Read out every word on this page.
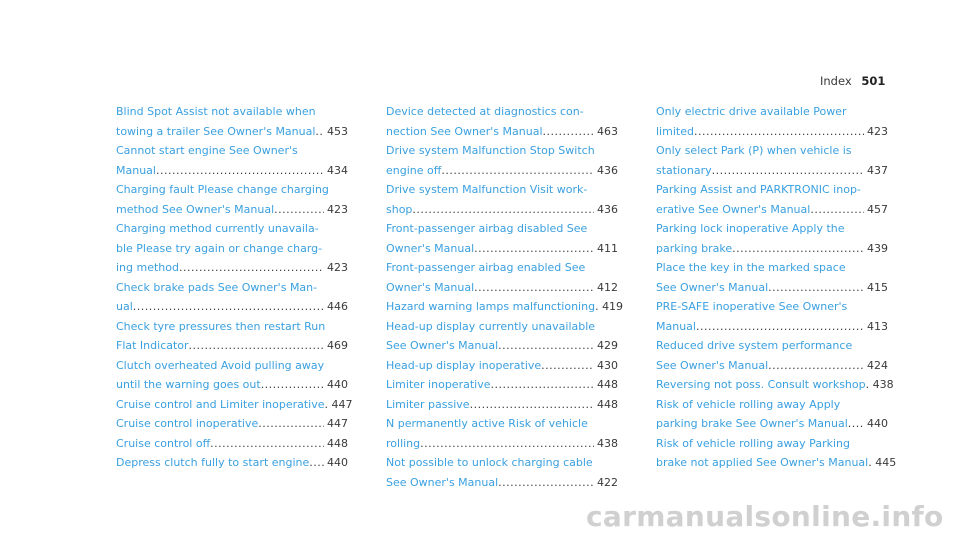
Index 501
Blind Spot Assist not available when
towing a trailer See Owner's Manual ..... 453
Cannot start engine See Owner's
Manual .....	434
Charging fault Please change charging
method See Owner's Manual .....	423
Charging method currently unavaila-
ble Please try again or change charg-
ing method .....	423
Check brake pads See Owner's Man-
ual .....	446
Check tyre pressures then restart Run
Flat Indicator .....	469
Clutch overheated Avoid pulling away
until the warning goes out .....	440
Cruise control and Limiter inoperative ..... 447
Cruise control inoperative .....	447
Cruise control off .....	448
Depress clutch fully to start engine ..... 440
Device detected at diagnostics con-
nection See Owner's Manual .....	463
Drive system Malfunction Stop Switch
engine off .....	436
Drive system Malfunction Visit work-
shop .....	436
Front-passenger airbag disabled See
Owner's Manual .....	411
Front-passenger airbag enabled See
Owner's Manual .....	412
Hazard warning lamps malfunctioning ..... 419
Head-up display currently unavailable
See Owner's Manual .....	429
Head-up display inoperative .....	430
Limiter inoperative .....	448
Limiter passive .....	448
N permanently active Risk of vehicle
rolling .....	438
Not possible to unlock charging cable
See Owner's Manual .....	422
Only electric drive available Power
limited .....	423
Only select Park (P) when vehicle is
stationary .....	437
Parking Assist and PARKTRONIC inop-
erative See Owner's Manual .....	457
Parking lock inoperative Apply the
parking brake .....	439
Place the key in the marked space
See Owner's Manual .....	415
PRE-SAFE inoperative See Owner's
Manual .....	413
Reduced drive system performance
See Owner's Manual .....	424
Reversing not poss. Consult workshop ..... 438
Risk of vehicle rolling away Apply
parking brake See Owner's Manual ..... 440
Risk of vehicle rolling away Parking
brake not applied See Owner's Manual ..... 445
carmanualsonline.info
